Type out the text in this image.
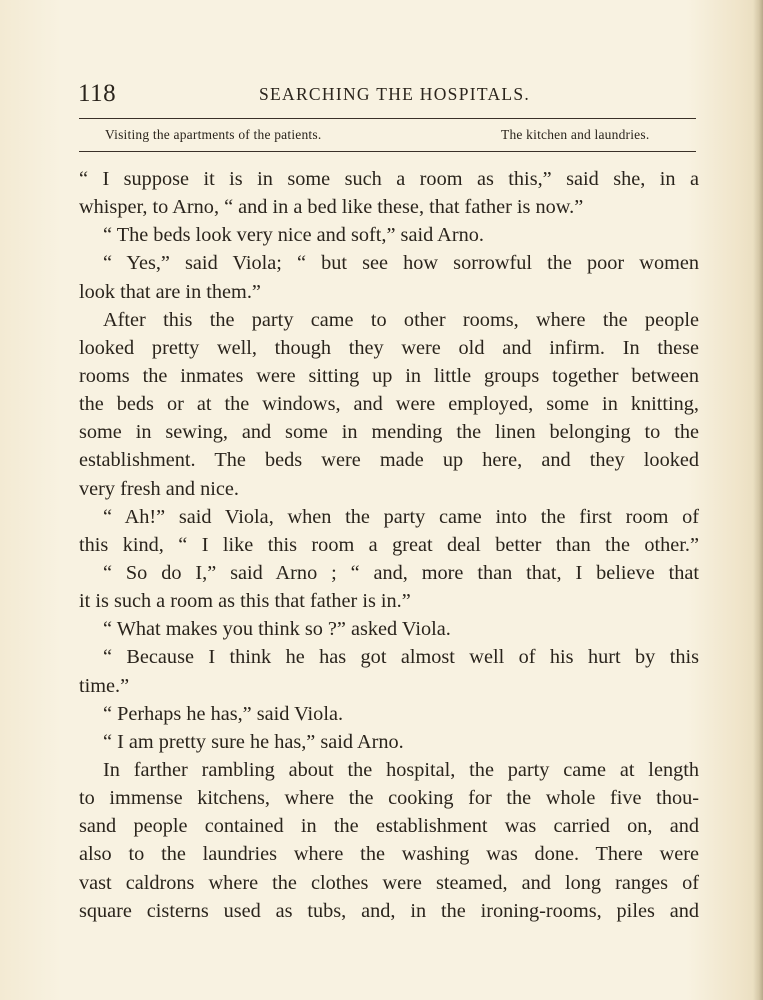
118	SEARCHING THE HOSPITALS.
Visiting the apartments of the patients.	The kitchen and laundries.
“ I suppose it is in some such a room as this,” said she, in a
whisper, to Arno, “ and in a bed like these, that father is now.”
“ The beds look very nice and soft,” said Arno.
“ Yes,” said Viola; “ but see how sorrowful the poor women
look that are in them.”
After this the party came to other rooms, where the people
looked pretty well, though they were old and infirm. In these
rooms the inmates were sitting up in little groups together between
the beds or at the windows, and were employed, some in knitting,
some in sewing, and some in mending the linen belonging to the
establishment. The beds were made up here, and they looked
very fresh and nice.
“ Ah!” said Viola, when the party came into the first room of
this kind, “ I like this room a great deal better than the other.”
“ So do I,” said Arno ; “ and, more than that, I believe that
it is such a room as this that father is in.”
“ What makes you think so ?” asked Viola.
“ Because I think he has got almost well of his hurt by this
time.”
“ Perhaps he has,” said Viola.
“ I am pretty sure he has,” said Arno.
In farther rambling about the hospital, the party came at length
to immense kitchens, where the cooking for the whole five thou-
sand people contained in the establishment was carried on, and
also to the laundries where the washing was done. There were
vast caldrons where the clothes were steamed, and long ranges of
square cisterns used as tubs, and, in the ironing-rooms, piles and
